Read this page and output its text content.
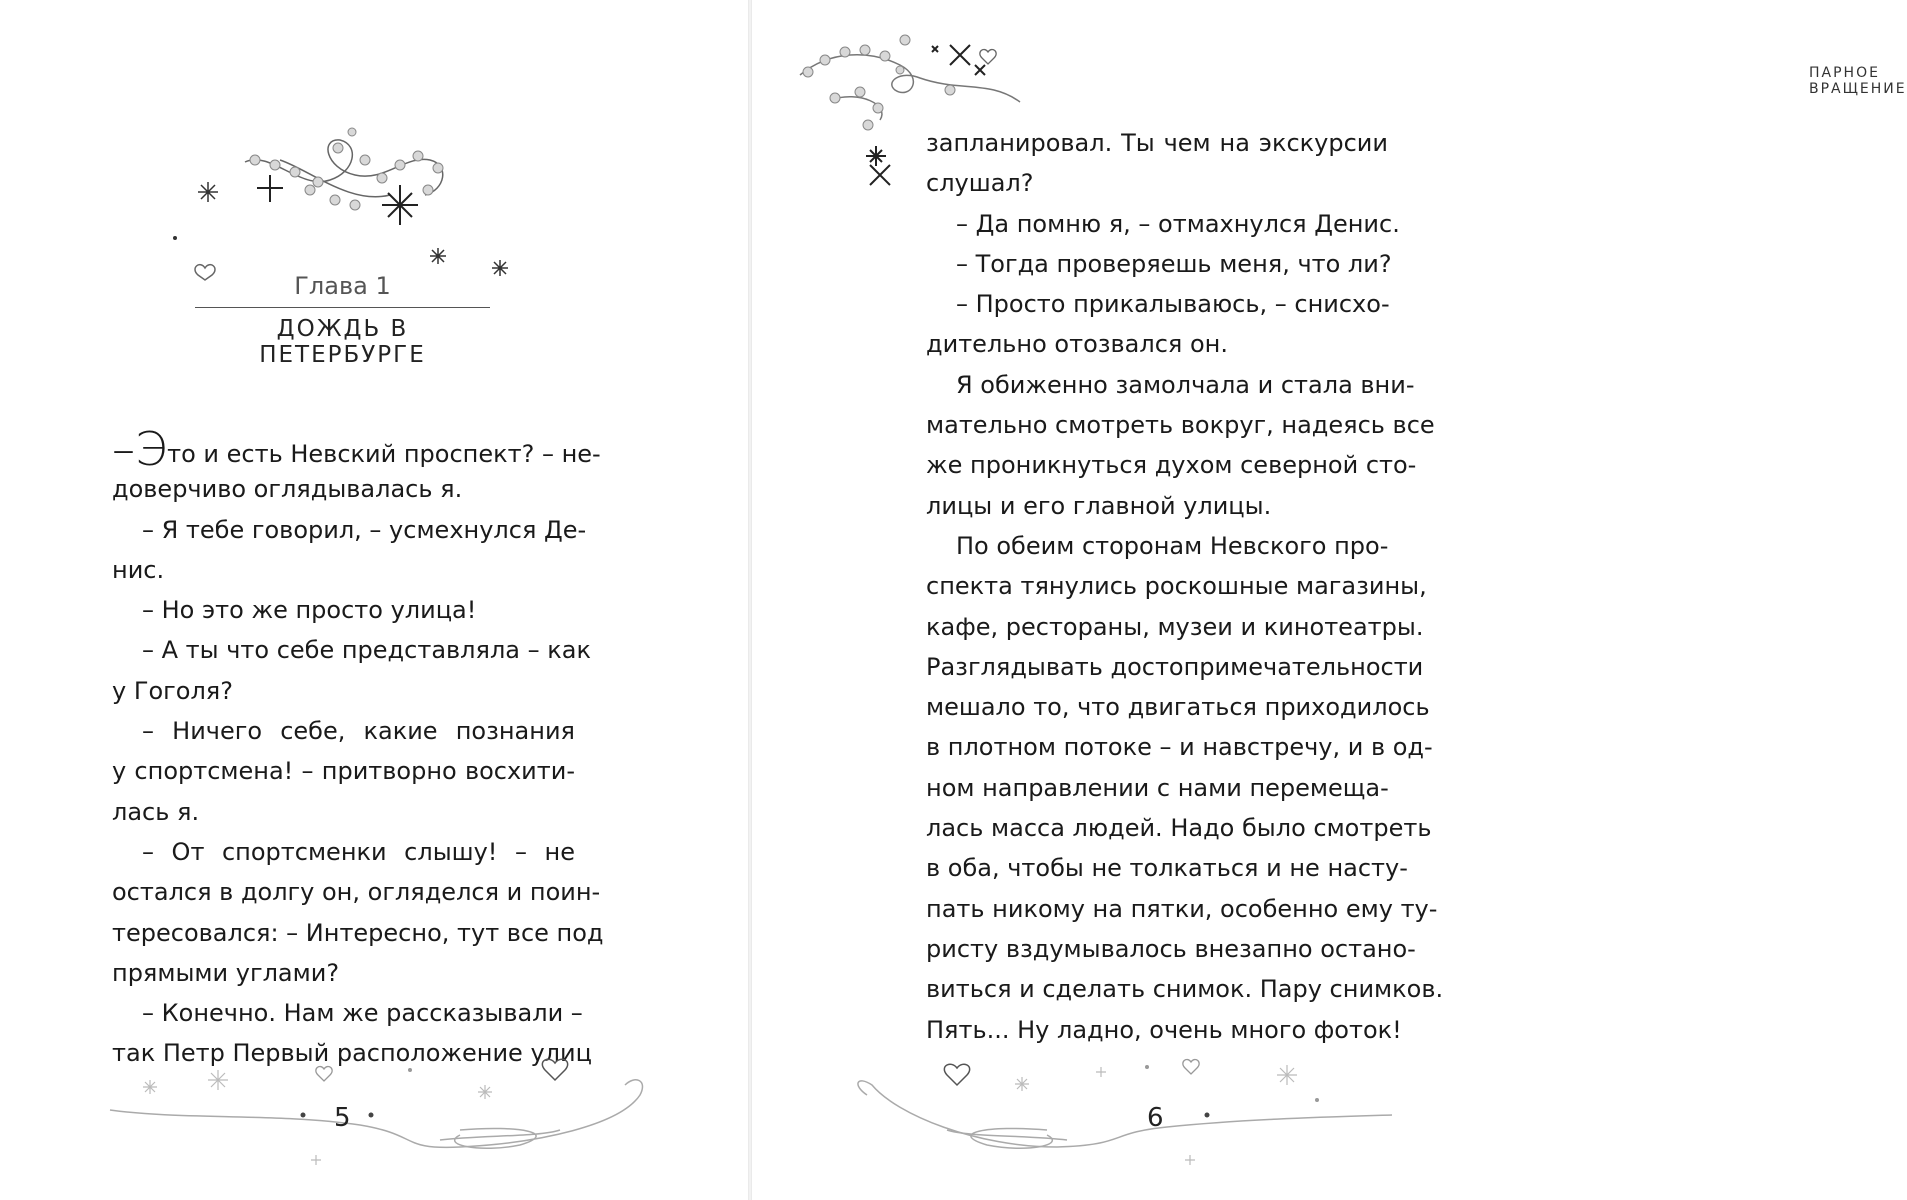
Глава 1
ДОЖДЬ В ПЕТЕРБУРГЕ
–Это и есть Невский проспект? – не-
доверчиво оглядывалась я.
– Я тебе говорил, – усмехнулся Де-
нис.
– Но это же просто улица!
– А ты что себе представляла – как
у Гоголя?
– Ничего себе, какие познания
у спортсмена! – притворно восхити-
лась я.
– От спортсменки слышу! – не
остался в долгу он, огляделся и поин-
тересовался: – Интересно, тут все под
прямыми углами?
– Конечно. Нам же рассказывали –
так Петр Первый расположение улиц
5
ПАРНОЕ ВРАЩЕНИЕ
запланировал. Ты чем на экскурсии
слушал?
– Да помню я, – отмахнулся Денис.
– Тогда проверяешь меня, что ли?
– Просто прикалываюсь, – снисхо-
дительно отозвался он.
Я обиженно замолчала и стала вни-
мательно смотреть вокруг, надеясь все
же проникнуться духом северной сто-
лицы и его главной улицы.
По обеим сторонам Невского про-
спекта тянулись роскошные магазины,
кафе, рестораны, музеи и кинотеатры.
Разглядывать достопримечательности
мешало то, что двигаться приходилось
в плотном потоке – и навстречу, и в од-
ном направлении с нами перемеща-
лась масса людей. Надо было смотреть
в оба, чтобы не толкаться и не насту-
пать никому на пятки, особенно ему ту-
ристу вздумывалось внезапно остано-
виться и сделать снимок. Пару снимков.
Пять... Ну ладно, очень много фоток!
6
